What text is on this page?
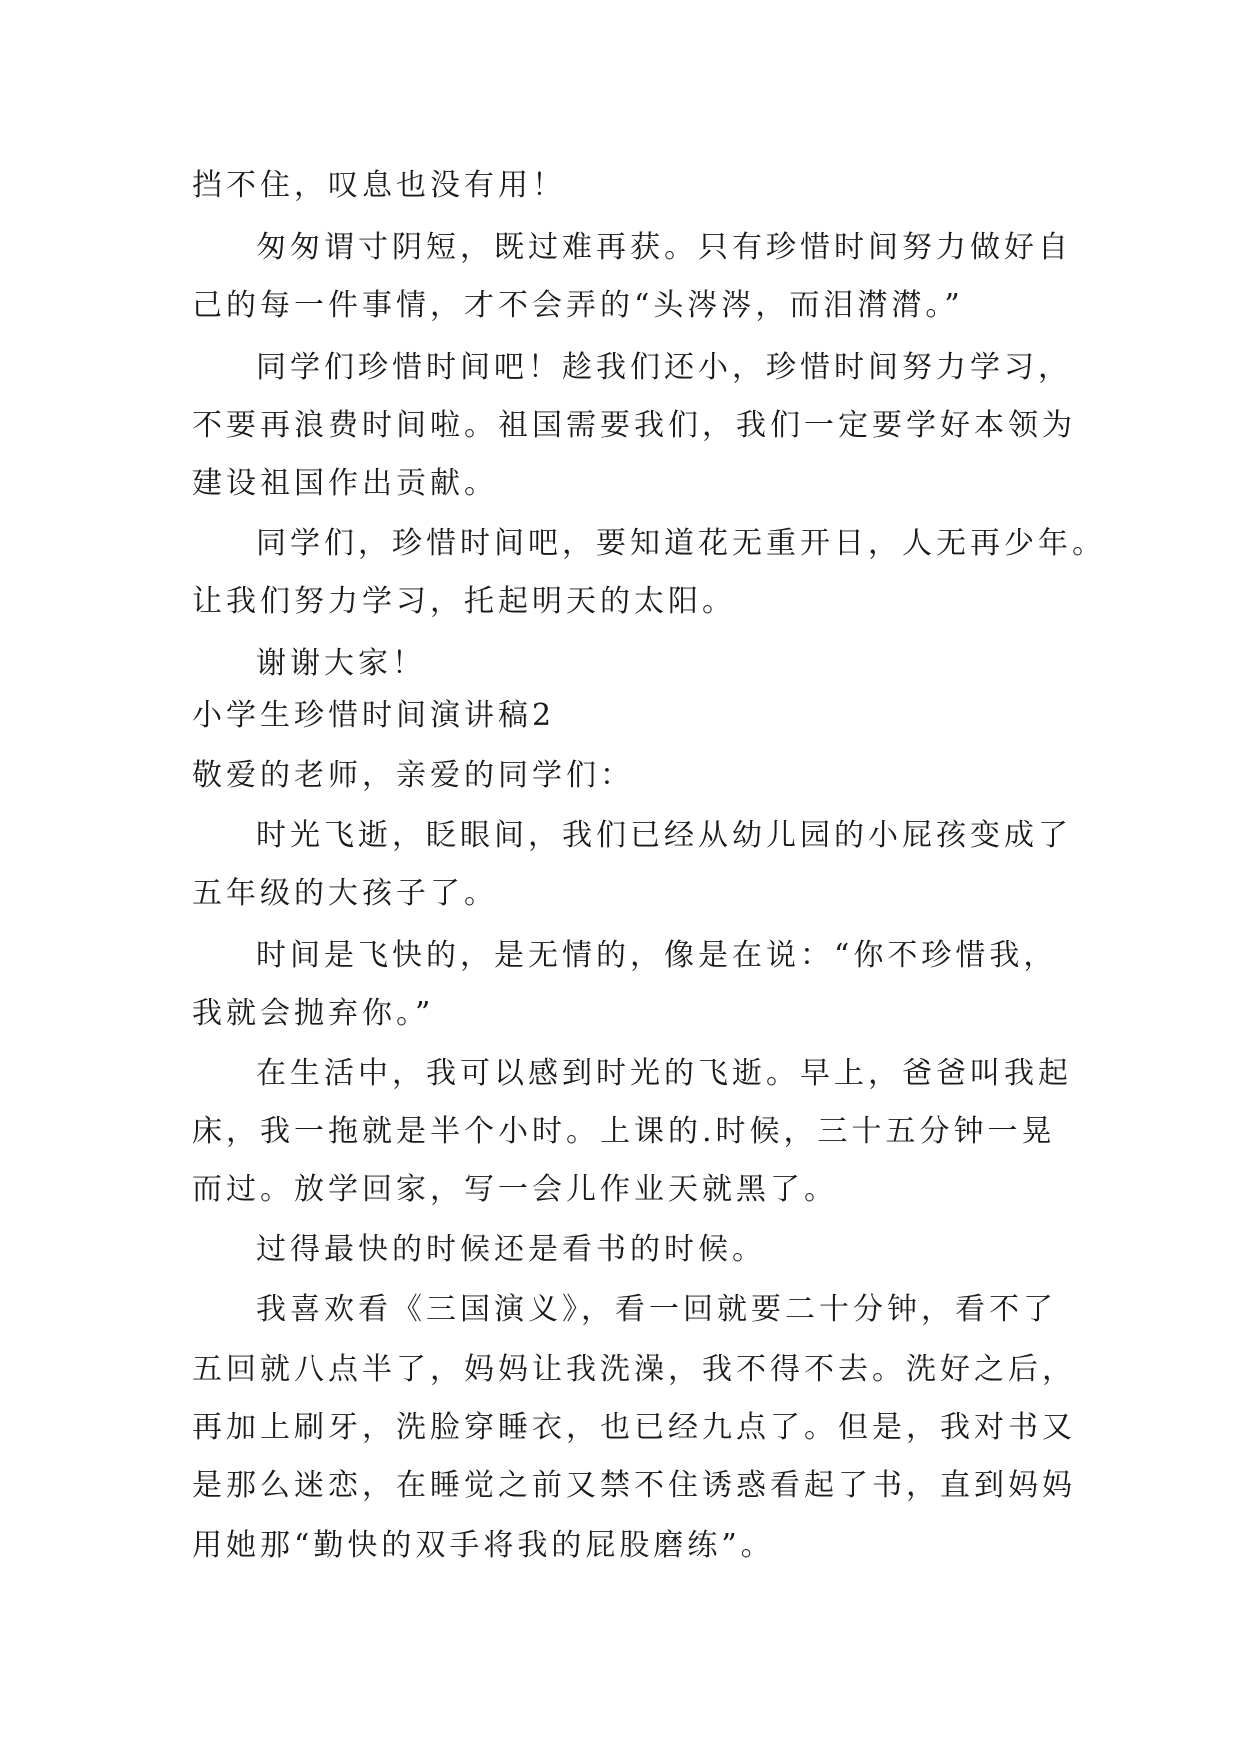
挡不住，叹息也没有用！

匆匆谓寸阴短，既过难再获。只有珍惜时间努力做好自

己的每一件事情，才不会弄的“头涔涔，而泪潸潸。”

同学们珍惜时间吧！趁我们还小，珍惜时间努力学习，

不要再浪费时间啦。祖国需要我们，我们一定要学好本领为

建设祖国作出贡献。

同学们，珍惜时间吧，要知道花无重开日，人无再少年。

让我们努力学习，托起明天的太阳。

谢谢大家！

小学生珍惜时间演讲稿2

敬爱的老师，亲爱的同学们：

时光飞逝，眨眼间，我们已经从幼儿园的小屁孩变成了

五年级的大孩子了。

时间是飞快的，是无情的，像是在说：“你不珍惜我，

我就会抛弃你。”

在生活中，我可以感到时光的飞逝。早上，爸爸叫我起

床，我一拖就是半个小时。上课的.时候，三十五分钟一晃

而过。放学回家，写一会儿作业天就黑了。

过得最快的时候还是看书的时候。

我喜欢看《三国演义》，看一回就要二十分钟，看不了

五回就八点半了，妈妈让我洗澡，我不得不去。洗好之后，

再加上刷牙，洗脸穿睡衣，也已经九点了。但是，我对书又

是那么迷恋，在睡觉之前又禁不住诱惑看起了书，直到妈妈

用她那“勤快的双手将我的屁股磨练”。
